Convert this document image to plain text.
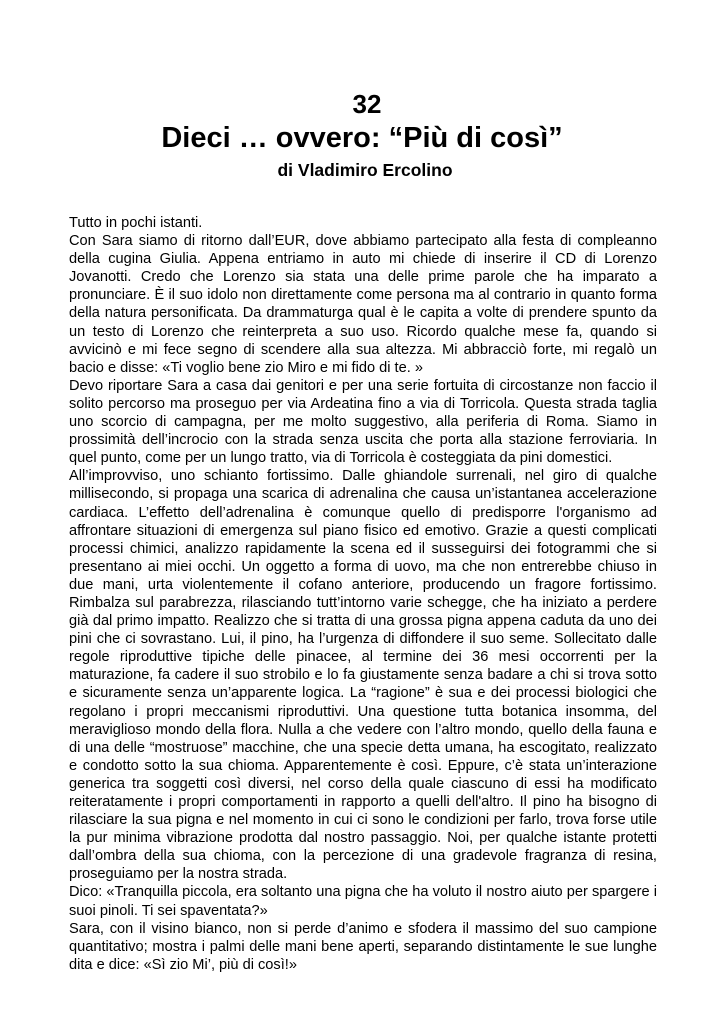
32
Dieci … ovvero: “Più di così”
di Vladimiro Ercolino

Tutto in pochi istanti.

Con Sara siamo di ritorno dall’EUR, dove abbiamo partecipato alla festa di compleanno della cugina Giulia. Appena entriamo in auto mi chiede di inserire il CD di Lorenzo Jovanotti. Credo che Lorenzo sia stata una delle prime parole che ha imparato a pronunciare. È il suo idolo non direttamente come persona ma al contrario in quanto forma della natura personificata. Da drammaturga qual è le capita a volte di prendere spunto da un testo di Lorenzo che reinterpreta a suo uso. Ricordo qualche mese fa, quando si avvicinò e mi fece segno di scendere alla sua altezza. Mi abbracciò forte, mi regalò un bacio e disse: «Ti voglio bene zio Miro e mi fido di te. »

Devo riportare Sara a casa dai genitori e per una serie fortuita di circostanze non faccio il solito percorso ma proseguo per via Ardeatina fino a via di Torricola. Questa strada taglia uno scorcio di campagna, per me molto suggestivo, alla periferia di Roma. Siamo in prossimità dell’incrocio con la strada senza uscita che porta alla stazione ferroviaria. In quel punto, come per un lungo tratto, via di Torricola è costeggiata da pini domestici.

All’improvviso, uno schianto fortissimo. Dalle ghiandole surrenali, nel giro di qualche millisecondo, si propaga una scarica di adrenalina che causa un’istantanea accelerazione cardiaca. L’effetto dell’adrenalina è comunque quello di predisporre l'organismo ad affrontare situazioni di emergenza sul piano fisico ed emotivo. Grazie a questi complicati processi chimici, analizzo rapidamente la scena ed il susseguirsi dei fotogrammi che si presentano ai miei occhi. Un oggetto a forma di uovo, ma che non entrerebbe chiuso in due mani, urta violentemente il cofano anteriore, producendo un fragore fortissimo. Rimbalza sul parabrezza, rilasciando tutt’intorno varie schegge, che ha iniziato a perdere già dal primo impatto. Realizzo che si tratta di una grossa pigna appena caduta da uno dei pini che ci sovrastano. Lui, il pino, ha l’urgenza di diffondere il suo seme. Sollecitato dalle regole riproduttive tipiche delle pinacee, al termine dei 36 mesi occorrenti per la maturazione, fa cadere il suo strobilo e lo fa giustamente senza badare a chi si trova sotto e sicuramente senza un’apparente logica. La “ragione” è sua e dei processi biologici che regolano i propri meccanismi riproduttivi. Una questione tutta botanica insomma, del meraviglioso mondo della flora. Nulla a che vedere con l’altro mondo, quello della fauna e di una delle “mostruose” macchine, che una specie detta umana, ha escogitato, realizzato e condotto sotto la sua chioma. Apparentemente è così. Eppure, c’è stata un’interazione generica tra soggetti così diversi, nel corso della quale ciascuno di essi ha modificato reiteratamente i propri comportamenti in rapporto a quelli dell'altro. Il pino ha bisogno di rilasciare la sua pigna e nel momento in cui ci sono le condizioni per farlo, trova forse utile la pur minima vibrazione prodotta dal nostro passaggio. Noi, per qualche istante protetti dall’ombra della sua chioma, con la percezione di una gradevole fragranza di resina, proseguiamo per la nostra strada.

Dico: «Tranquilla piccola, era soltanto una pigna che ha voluto il nostro aiuto per spargere i suoi pinoli. Ti sei spaventata?»

Sara, con il visino bianco, non si perde d’animo e sfodera il massimo del suo campione quantitativo; mostra i palmi delle mani bene aperti, separando distintamente le sue lunghe dita e dice: «Sì zio Mi’, più di così!»
